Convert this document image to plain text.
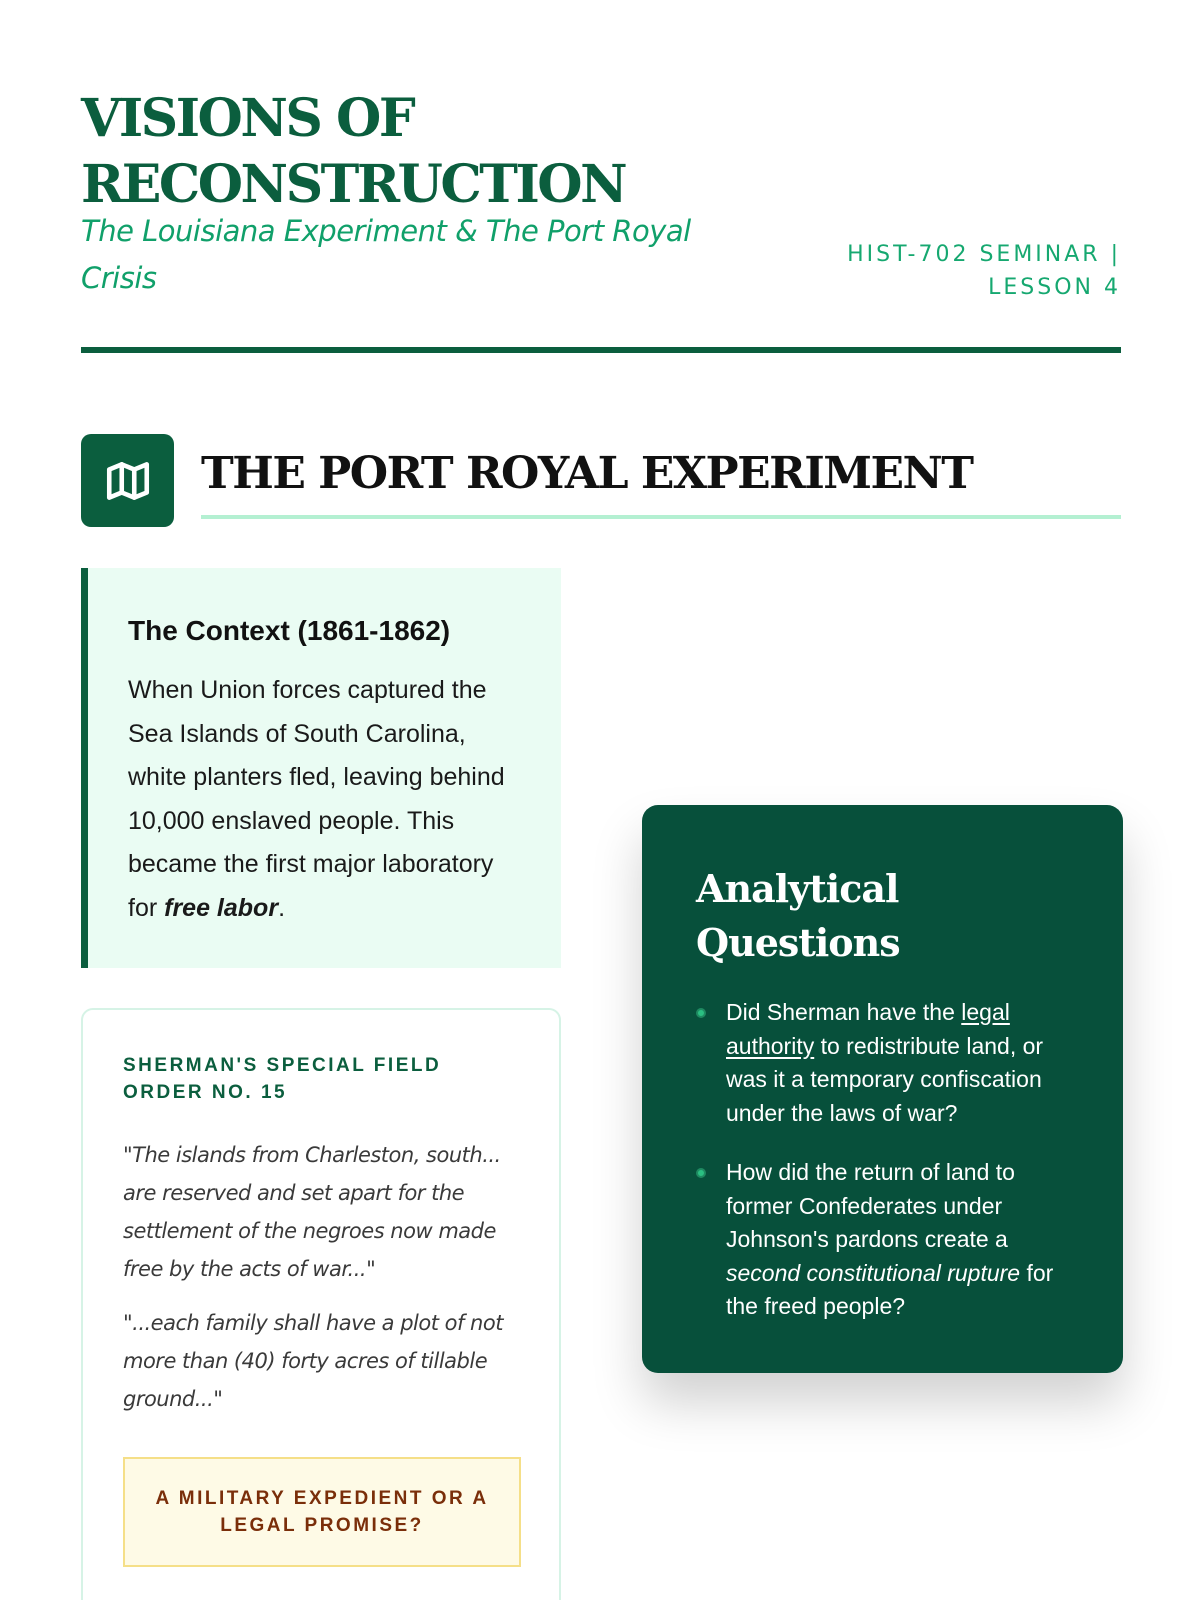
VISIONS OF RECONSTRUCTION
The Louisiana Experiment & The Port Royal Crisis
HIST-702 SEMINAR | LESSON 4
THE PORT ROYAL EXPERIMENT
The Context (1861-1862)

When Union forces captured the Sea Islands of South Carolina, white planters fled, leaving behind 10,000 enslaved people. This became the first major laboratory for free labor.

SHERMAN'S SPECIAL FIELD ORDER NO. 15

"The islands from Charleston, south... are reserved and set apart for the settlement of the negroes now made free by the acts of war..."

"...each family shall have a plot of not more than (40) forty acres of tillable ground..."

A MILITARY EXPEDIENT OR A LEGAL PROMISE?
Analytical Questions
Did Sherman have the legal authority to redistribute land, or was it a temporary confiscation under the laws of war?
How did the return of land to former Confederates under Johnson's pardons create a second constitutional rupture for the freed people?
